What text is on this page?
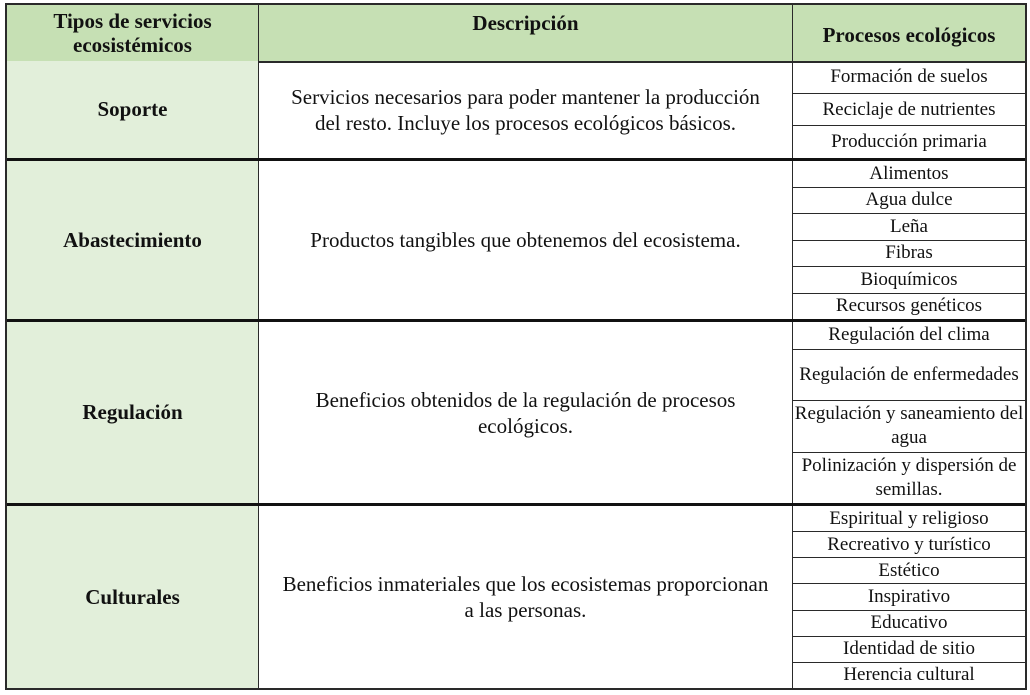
Tipos de servicios ecosistémicos
Descripción	Procesos ecológicos
Soporte
Servicios necesarios para poder mantener la producción del resto. Incluye los procesos ecológicos básicos.
Formación de suelos
Reciclaje de nutrientes
Producción primaria
Abastecimiento	Productos tangibles que obtenemos del ecosistema.
Alimentos
Agua dulce
Leña
Fibras
Bioquímicos
Recursos genéticos
Regulación
Beneficios obtenidos de la regulación de procesos ecológicos.
Regulación del clima
Regulación de enfermedades
Regulación y saneamiento del agua
Polinización y dispersión de semillas.
Culturales
Beneficios inmateriales que los ecosistemas proporcionan a las personas.
Espiritual y religioso
Recreativo y turístico
Estético
Inspirativo
Educativo
Identidad de sitio
Herencia cultural
